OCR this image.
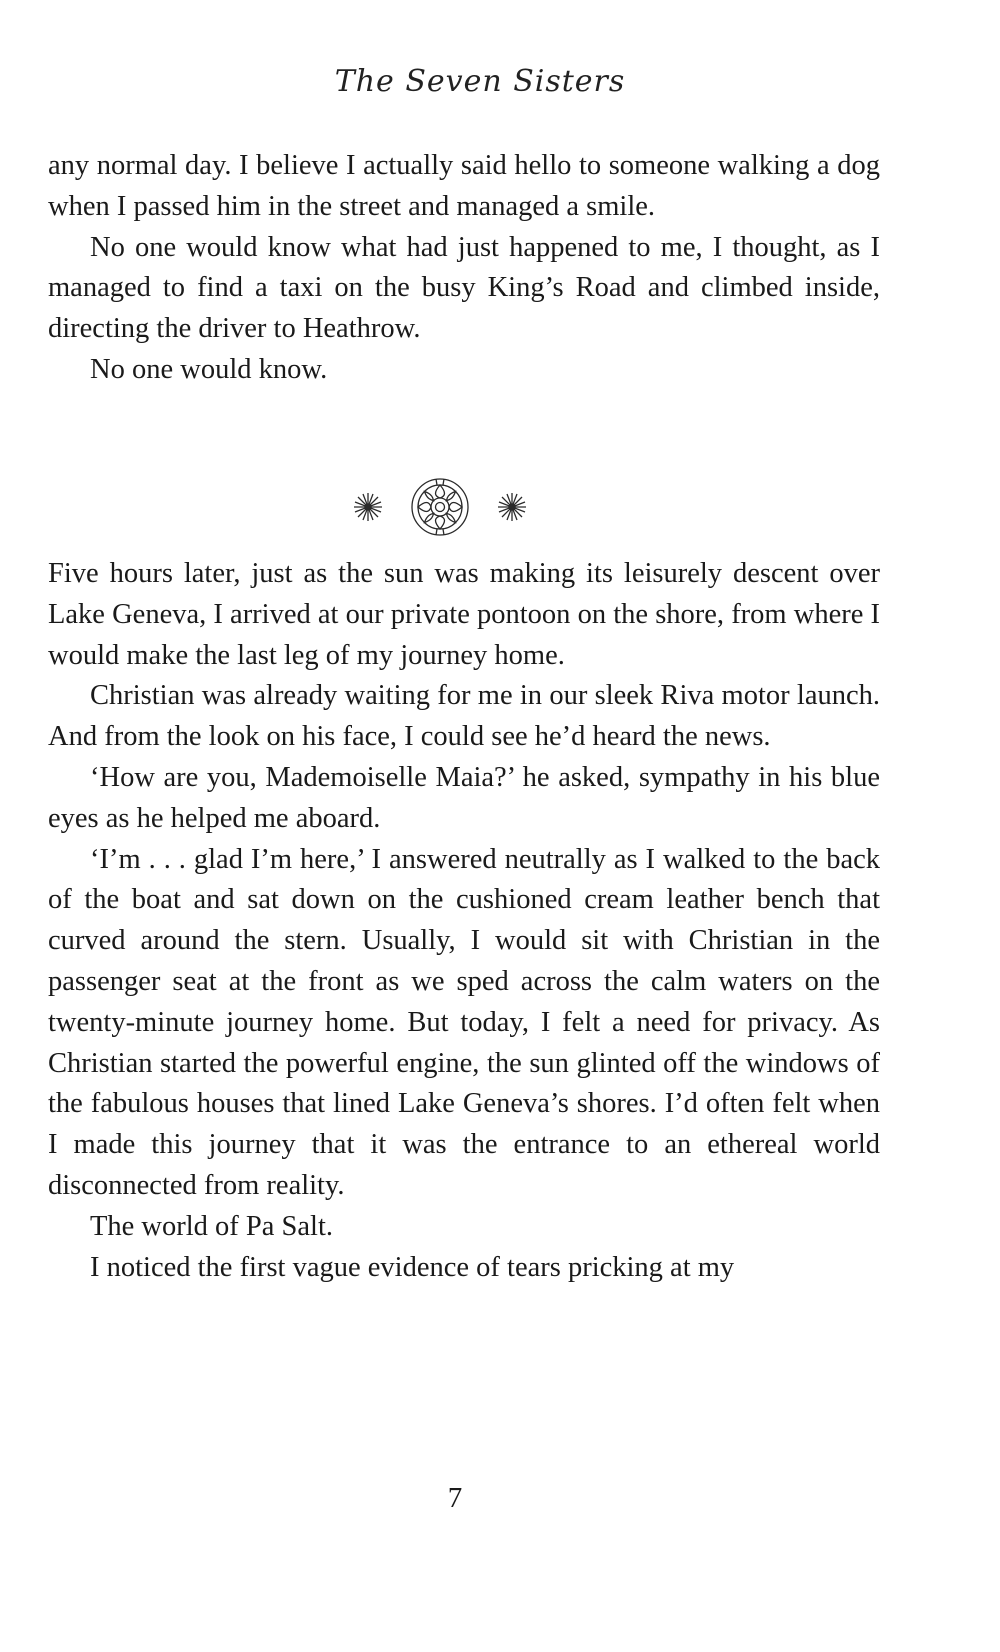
The Seven Sisters

any normal day. I believe I actually said hello to someone walking a dog when I passed him in the street and managed a smile.

No one would know what had just happened to me, I thought, as I managed to find a taxi on the busy King’s Road and climbed inside, directing the driver to Heathrow.

No one would know.

Five hours later, just as the sun was making its leisurely descent over Lake Geneva, I arrived at our private pontoon on the shore, from where I would make the last leg of my journey home.

Christian was already waiting for me in our sleek Riva motor launch. And from the look on his face, I could see he’d heard the news.

‘How are you, Mademoiselle Maia?’ he asked, sympathy in his blue eyes as he helped me aboard.

‘I’m . . . glad I’m here,’ I answered neutrally as I walked to the back of the boat and sat down on the cushioned cream leather bench that curved around the stern. Usually, I would sit with Christian in the passenger seat at the front as we sped across the calm waters on the twenty-minute journey home. But today, I felt a need for privacy. As Christian started the powerful engine, the sun glinted off the windows of the fabulous houses that lined Lake Geneva’s shores. I’d often felt when I made this journey that it was the entrance to an ethereal world disconnected from reality.

The world of Pa Salt.

I noticed the first vague evidence of tears pricking at my

7
